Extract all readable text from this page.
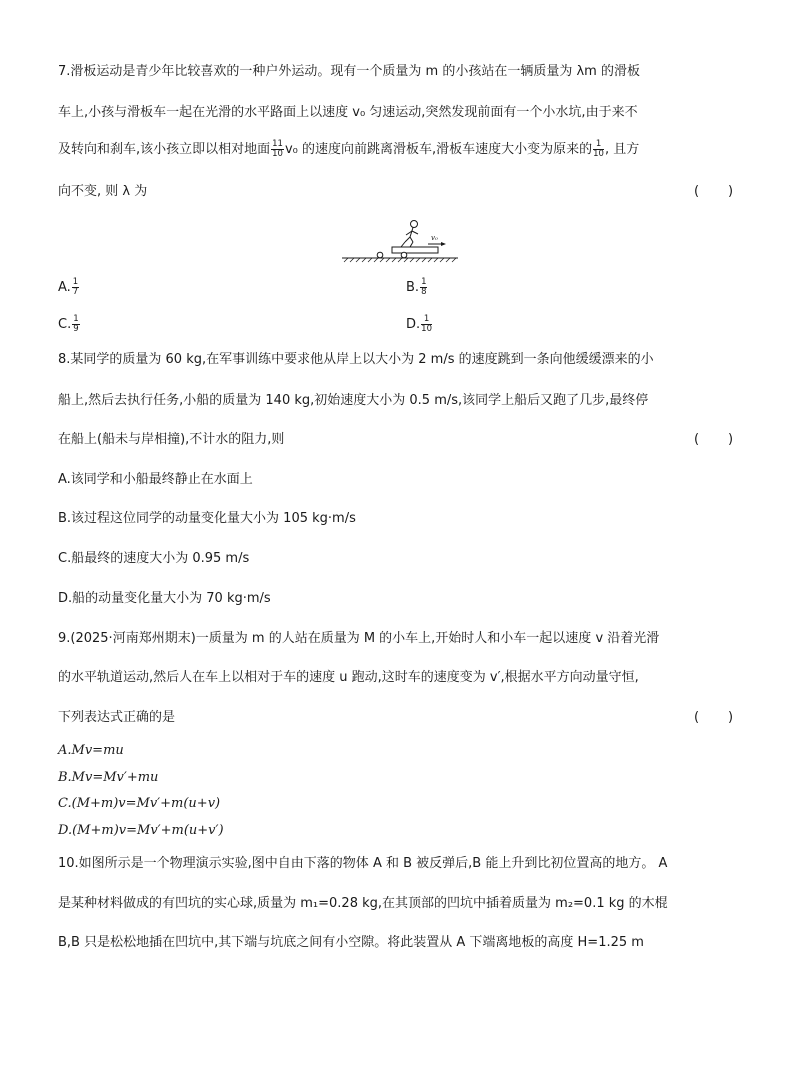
7.滑板运动是青少年比较喜欢的一种户外运动。现有一个质量为 m 的小孩站在一辆质量为 λm 的滑板
车上,小孩与滑板车一起在光滑的水平路面上以速度 v₀ 匀速运动,突然发现前面有一个小水坑,由于来不
及转向和刹车,该小孩立即以相对地面 $\frac{11}{10} v_0$ 的速度向前跳离滑板车,滑板车速度大小变为原来的 $\frac{1}{10}$ , 且方
向不变, 则 λ 为	(       )
v₀
A. $\frac{1}{7}$	B. $\frac{1}{8}$
C. $\frac{1}{9}$	D. $\frac{1}{10}$
8.某同学的质量为 60 kg,在军事训练中要求他从岸上以大小为 2 m/s 的速度跳到一条向他缓缓漂来的小
船上,然后去执行任务,小船的质量为 140 kg,初始速度大小为 0.5 m/s,该同学上船后又跑了几步,最终停
在船上(船未与岸相撞),不计水的阻力,则	(       )
A.该同学和小船最终静止在水面上
B.该过程这位同学的动量变化量大小为 105 kg·m/s
C.船最终的速度大小为 0.95 m/s
D.船的动量变化量大小为 70 kg·m/s
9.(2025·河南郑州期末)一质量为 m 的人站在质量为 M 的小车上,开始时人和小车一起以速度 v 沿着光滑
的水平轨道运动,然后人在车上以相对于车的速度 u 跑动,这时车的速度变为 v′,根据水平方向动量守恒,
下列表达式正确的是	(       )
A.Mv=mu
B.Mv=Mv′+mu
C.(M+m)v=Mv′+m(u+v)
D.(M+m)v=Mv′+m(u+v′)
10.如图所示是一个物理演示实验,图中自由下落的物体 A 和 B 被反弹后,B 能上升到比初位置高的地方。 A
是某种材料做成的有凹坑的实心球,质量为 m₁=0.28 kg,在其顶部的凹坑中插着质量为 m₂=0.1 kg 的木棍
B,B 只是松松地插在凹坑中,其下端与坑底之间有小空隙。将此装置从 A 下端离地板的高度 H=1.25 m
